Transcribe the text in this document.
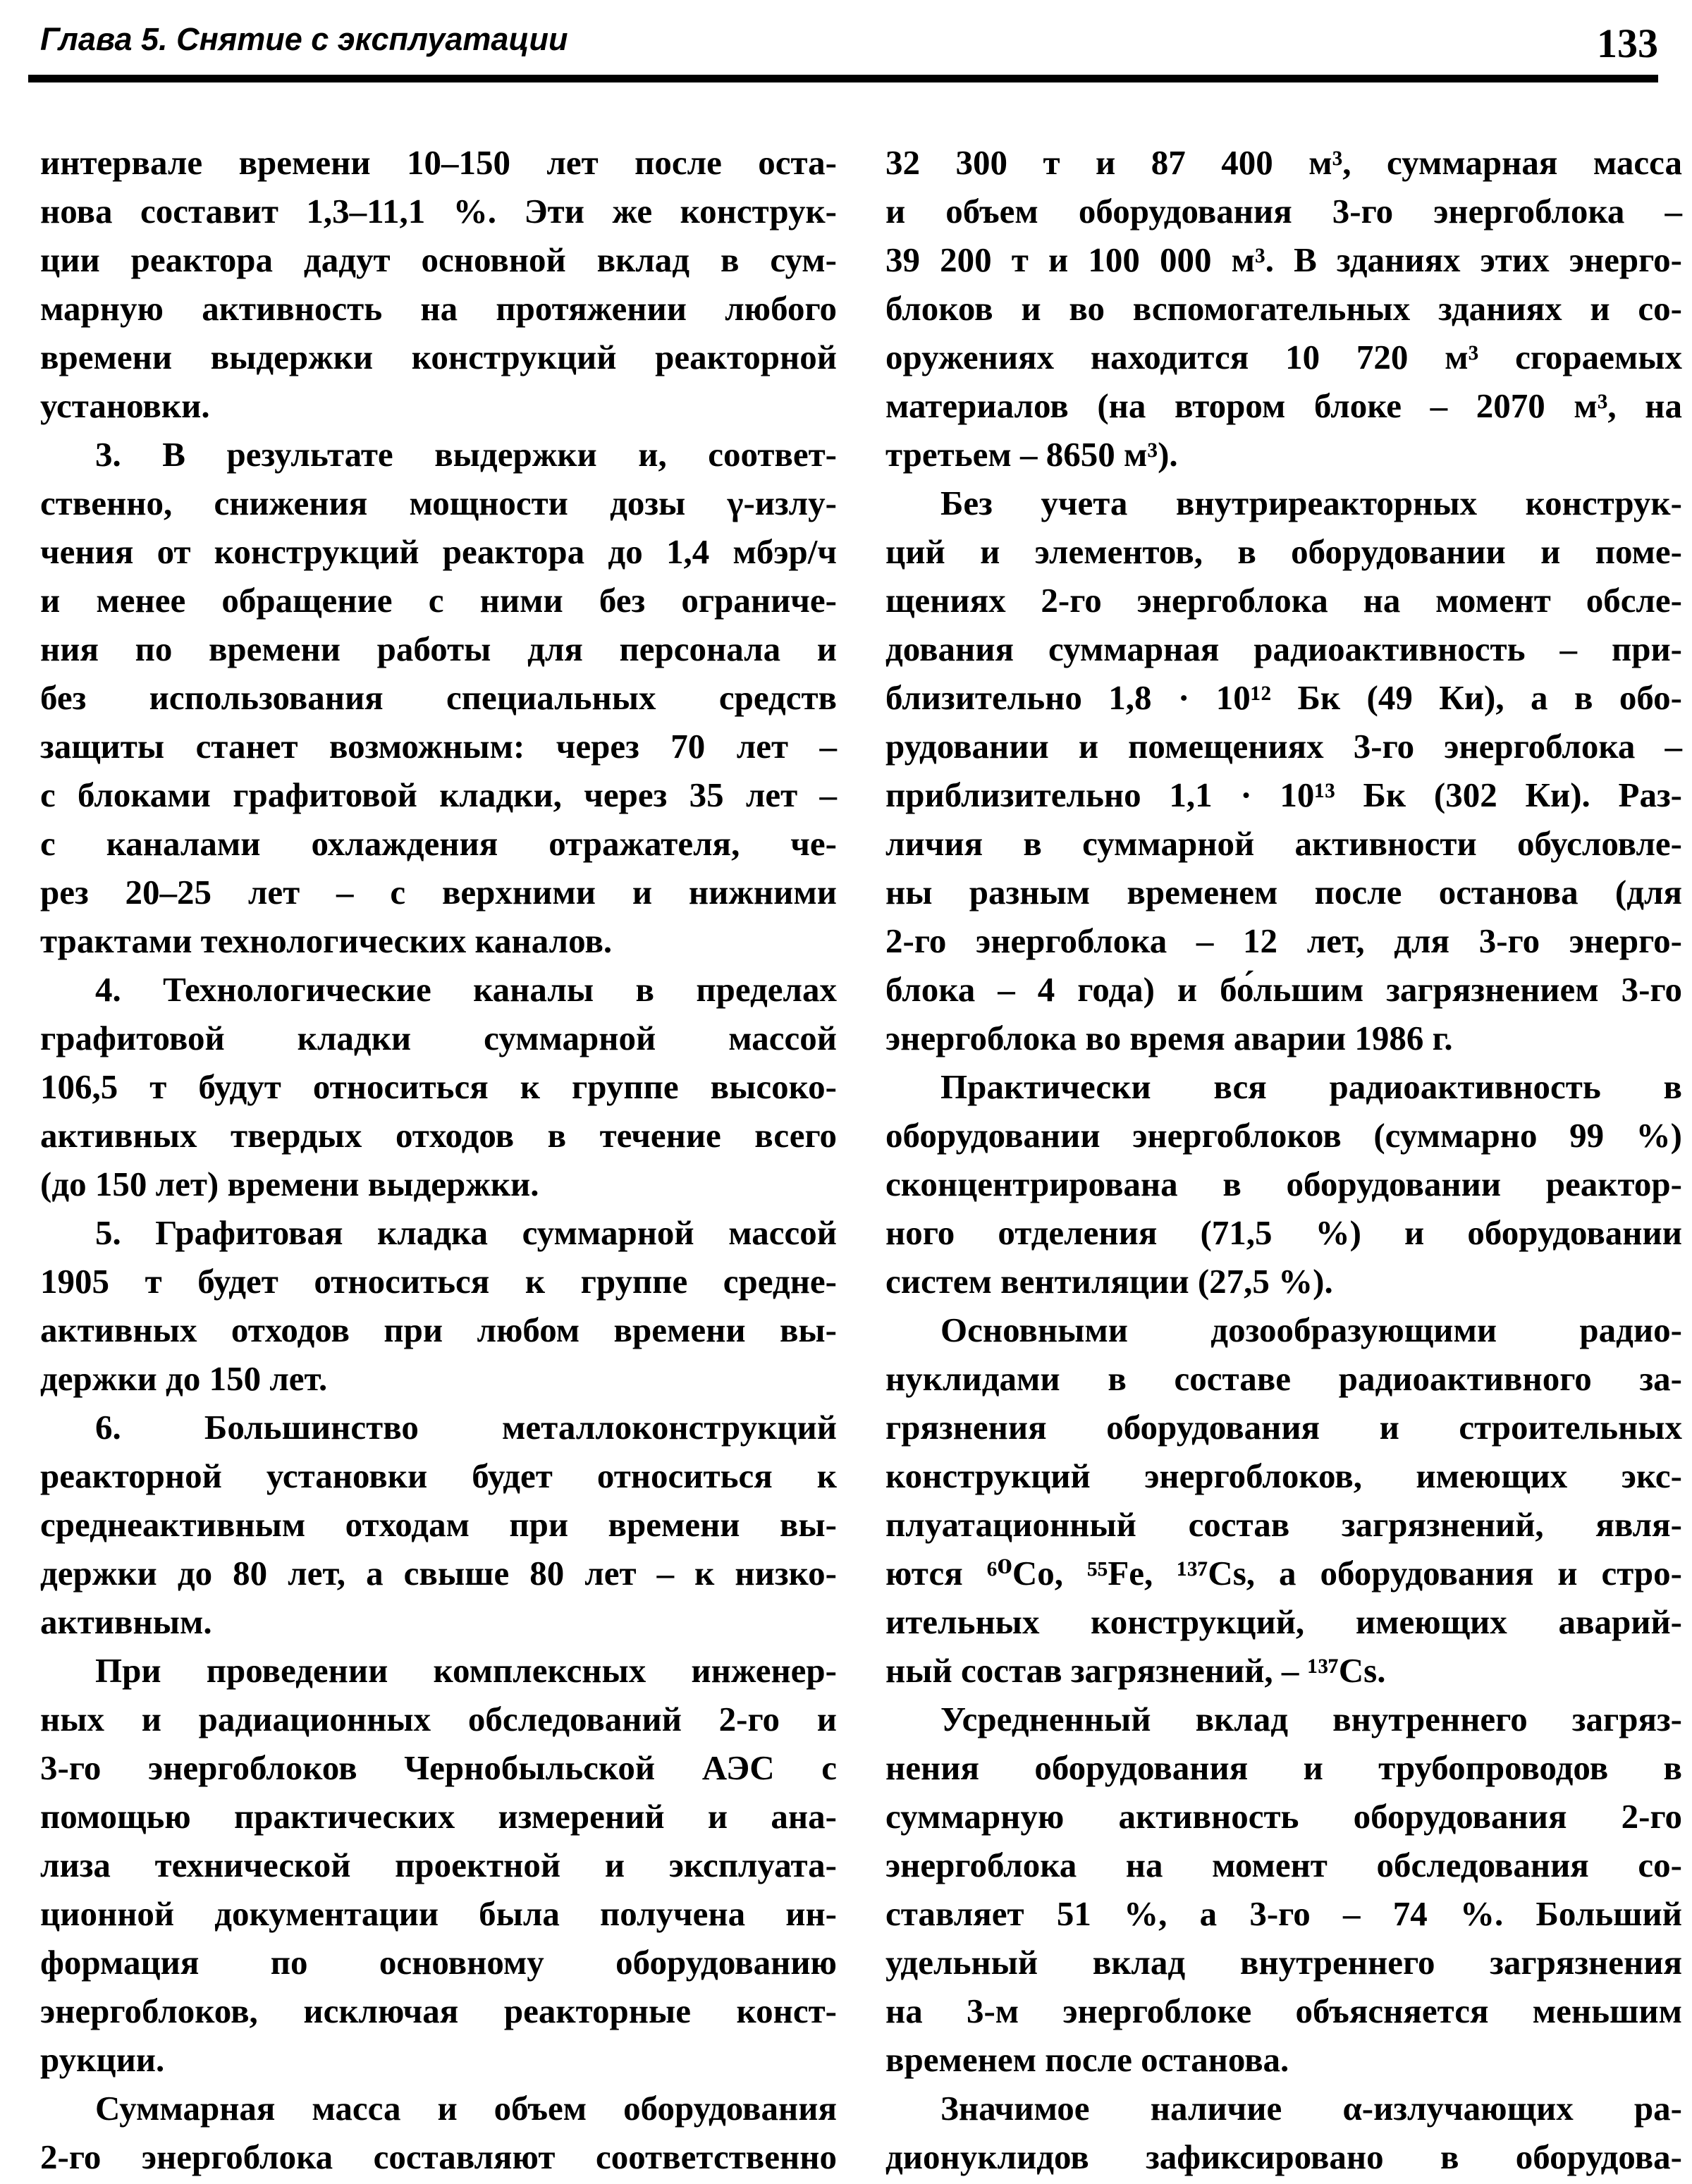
Глава 5. Снятие с эксплуатации	133
интервале времени 10–150 лет после оста-
нова составит 1,3–11,1 %. Эти же конструк-
ции реактора дадут основной вклад в сум-
марную активность на протяжении любого
времени выдержки конструкций реакторной
установки.
3. В результате выдержки и, соответ-
ственно, снижения мощности дозы γ-излу-
чения от конструкций реактора до 1,4 мбэр/ч
и менее обращение с ними без ограниче-
ния по времени работы для персонала и
без использования специальных средств
защиты станет возможным: через 70 лет –
с блоками графитовой кладки, через 35 лет –
с каналами охлаждения отражателя, че-
рез 20–25 лет – с верхними и нижними
трактами технологических каналов.
4. Технологические каналы в пределах
графитовой кладки суммарной массой
106,5 т будут относиться к группе высоко-
активных твердых отходов в течение всего
(до 150 лет) времени выдержки.
5. Графитовая кладка суммарной массой
1905 т будет относиться к группе средне-
активных отходов при любом времени вы-
держки до 150 лет.
6. Большинство металлоконструкций
реакторной установки будет относиться к
среднеактивным отходам при времени вы-
держки до 80 лет, а свыше 80 лет – к низко-
активным.
При проведении комплексных инженер-
ных и радиационных обследований 2-го и
3-го энергоблоков Чернобыльской АЭС с
помощью практических измерений и ана-
лиза технической проектной и эксплуата-
ционной документации была получена ин-
формация по основному оборудованию
энергоблоков, исключая реакторные конст-
рукции.
Суммарная масса и объем оборудования
2-го энергоблока составляют соответственно
32 300 т и 87 400 м³, суммарная масса
и объем оборудования 3-го энергоблока –
39 200 т и 100 000 м³. В зданиях этих энерго-
блоков и во вспомогательных зданиях и со-
оружениях находится 10 720 м³ сгораемых
материалов (на втором блоке – 2070 м³, на
третьем – 8650 м³).
Без учета внутриреакторных конструк-
ций и элементов, в оборудовании и поме-
щениях 2-го энергоблока на момент обсле-
дования суммарная радиоактивность – при-
близительно 1,8 · 10¹² Бк (49 Ки), а в обо-
рудовании и помещениях 3-го энергоблока –
приблизительно 1,1 · 10¹³ Бк (302 Ки). Раз-
личия в суммарной активности обусловле-
ны разным временем после останова (для
2-го энергоблока – 12 лет, для 3-го энерго-
блока – 4 года) и бо́льшим загрязнением 3-го
энергоблока во время аварии 1986 г.
Практически вся радиоактивность в
оборудовании энергоблоков (суммарно 99 %)
сконцентрирована в оборудовании реактор-
ного отделения (71,5 %) и оборудовании
систем вентиляции (27,5 %).
Основными дозообразующими радио-
нуклидами в составе радиоактивного за-
грязнения оборудования и строительных
конструкций энергоблоков, имеющих экс-
плуатационный состав загрязнений, явля-
ются ⁶⁰Co, ⁵⁵Fe, ¹³⁷Cs, а оборудования и стро-
ительных конструкций, имеющих аварий-
ный состав загрязнений, – ¹³⁷Cs.
Усредненный вклад внутреннего загряз-
нения оборудования и трубопроводов в
суммарную активность оборудования 2-го
энергоблока на момент обследования со-
ставляет 51 %, а 3-го – 74 %. Больший
удельный вклад внутреннего загрязнения
на 3-м энергоблоке объясняется меньшим
временем после останова.
Значимое наличие α-излучающих ра-
дионуклидов зафиксировано в оборудова-
